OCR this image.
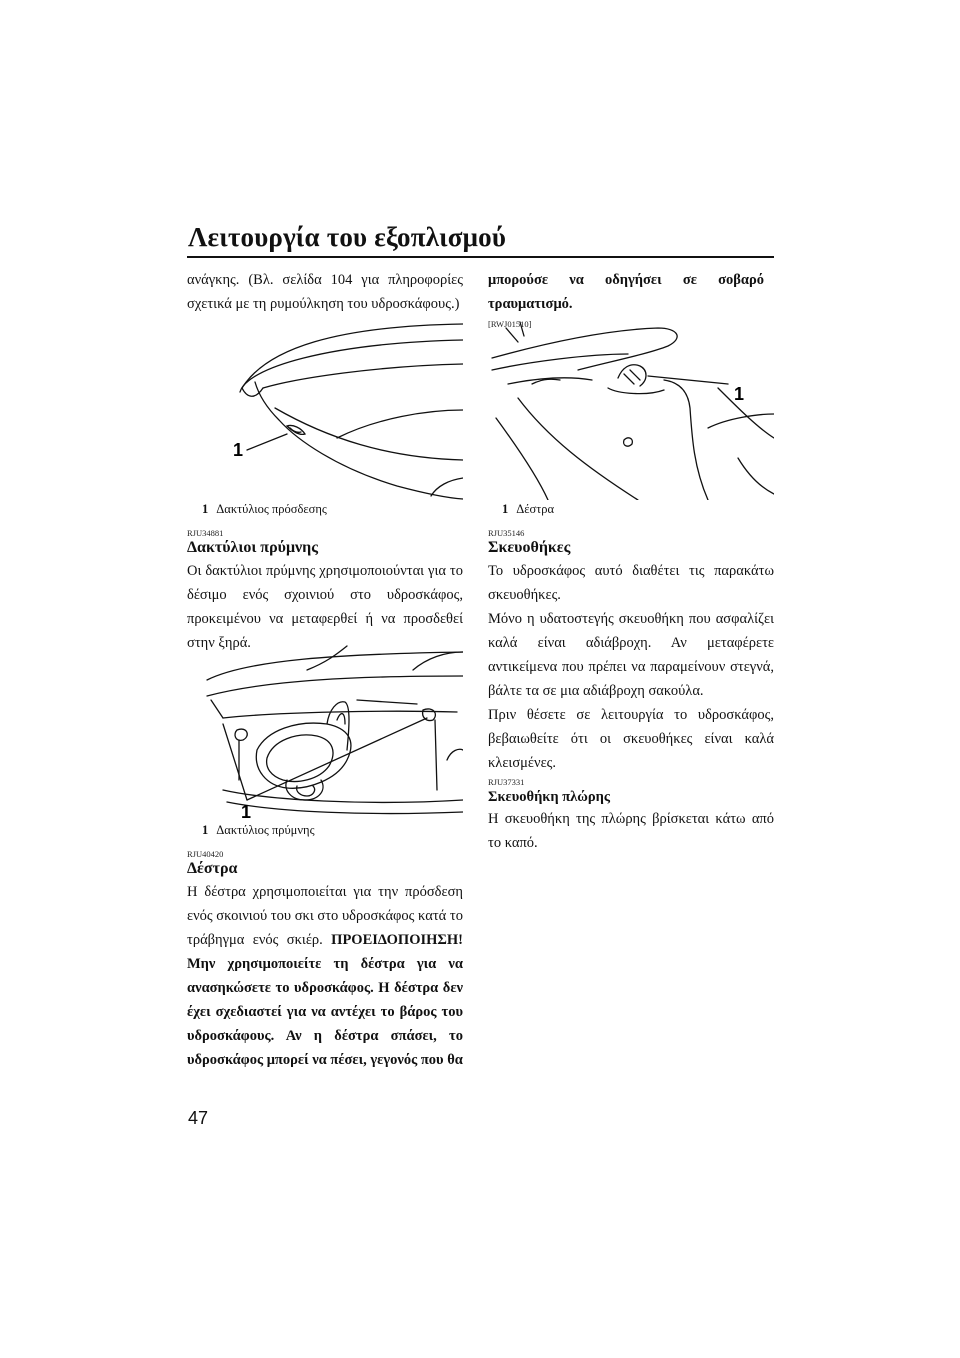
Λειτουργία του εξοπλισμού

ανάγκης. (Βλ. σελίδα 104 για πληροφορίες σχετικά με τη ρυμούλκηση του υδροσκάφους.)

1
1 Δακτύλιος πρόσδεσης
RJU34881
Δακτύλιοι πρύμνης

Οι δακτύλιοι πρύμνης χρησιμοποιούνται για το δέσιμο ενός σχοινιού στο υδροσκάφος, προκειμένου να μεταφερθεί ή να προσδεθεί στην ξηρά.

1
1 Δακτύλιος πρύμνης
RJU40420
Δέστρα

Η δέστρα χρησιμοποιείται για την πρόσδεση ενός σκοινιού του σκι στο υδροσκάφος κατά το τράβηγμα ενός σκιέρ. ΠΡΟΕΙΔΟΠΟΙΗΣΗ! Μην χρησιμοποιείτε τη δέστρα για να ανασηκώσετε το υδροσκάφος. Η δέστρα δεν έχει σχεδιαστεί για να αντέχει το βάρος του υδροσκάφους. Αν η δέστρα σπάσει, το υδροσκάφος μπορεί να πέσει, γεγονός που θα

47

μπορούσε να οδηγήσει σε σοβαρό τραυματισμό.

[RWJ01510]
1
1 Δέστρα
RJU35146
Σκευοθήκες

Το υδροσκάφος αυτό διαθέτει τις παρακάτω σκευοθήκες.

Μόνο η υδατοστεγής σκευοθήκη που ασφαλίζει καλά είναι αδιάβροχη. Αν μεταφέρετε αντικείμενα που πρέπει να παραμείνουν στεγνά, βάλτε τα σε μια αδιάβροχη σακούλα.

Πριν θέσετε σε λειτουργία το υδροσκάφος, βεβαιωθείτε ότι οι σκευοθήκες είναι καλά κλεισμένες.

RJU37331
Σκευοθήκη πλώρης

Η σκευοθήκη της πλώρης βρίσκεται κάτω από το καπό.
